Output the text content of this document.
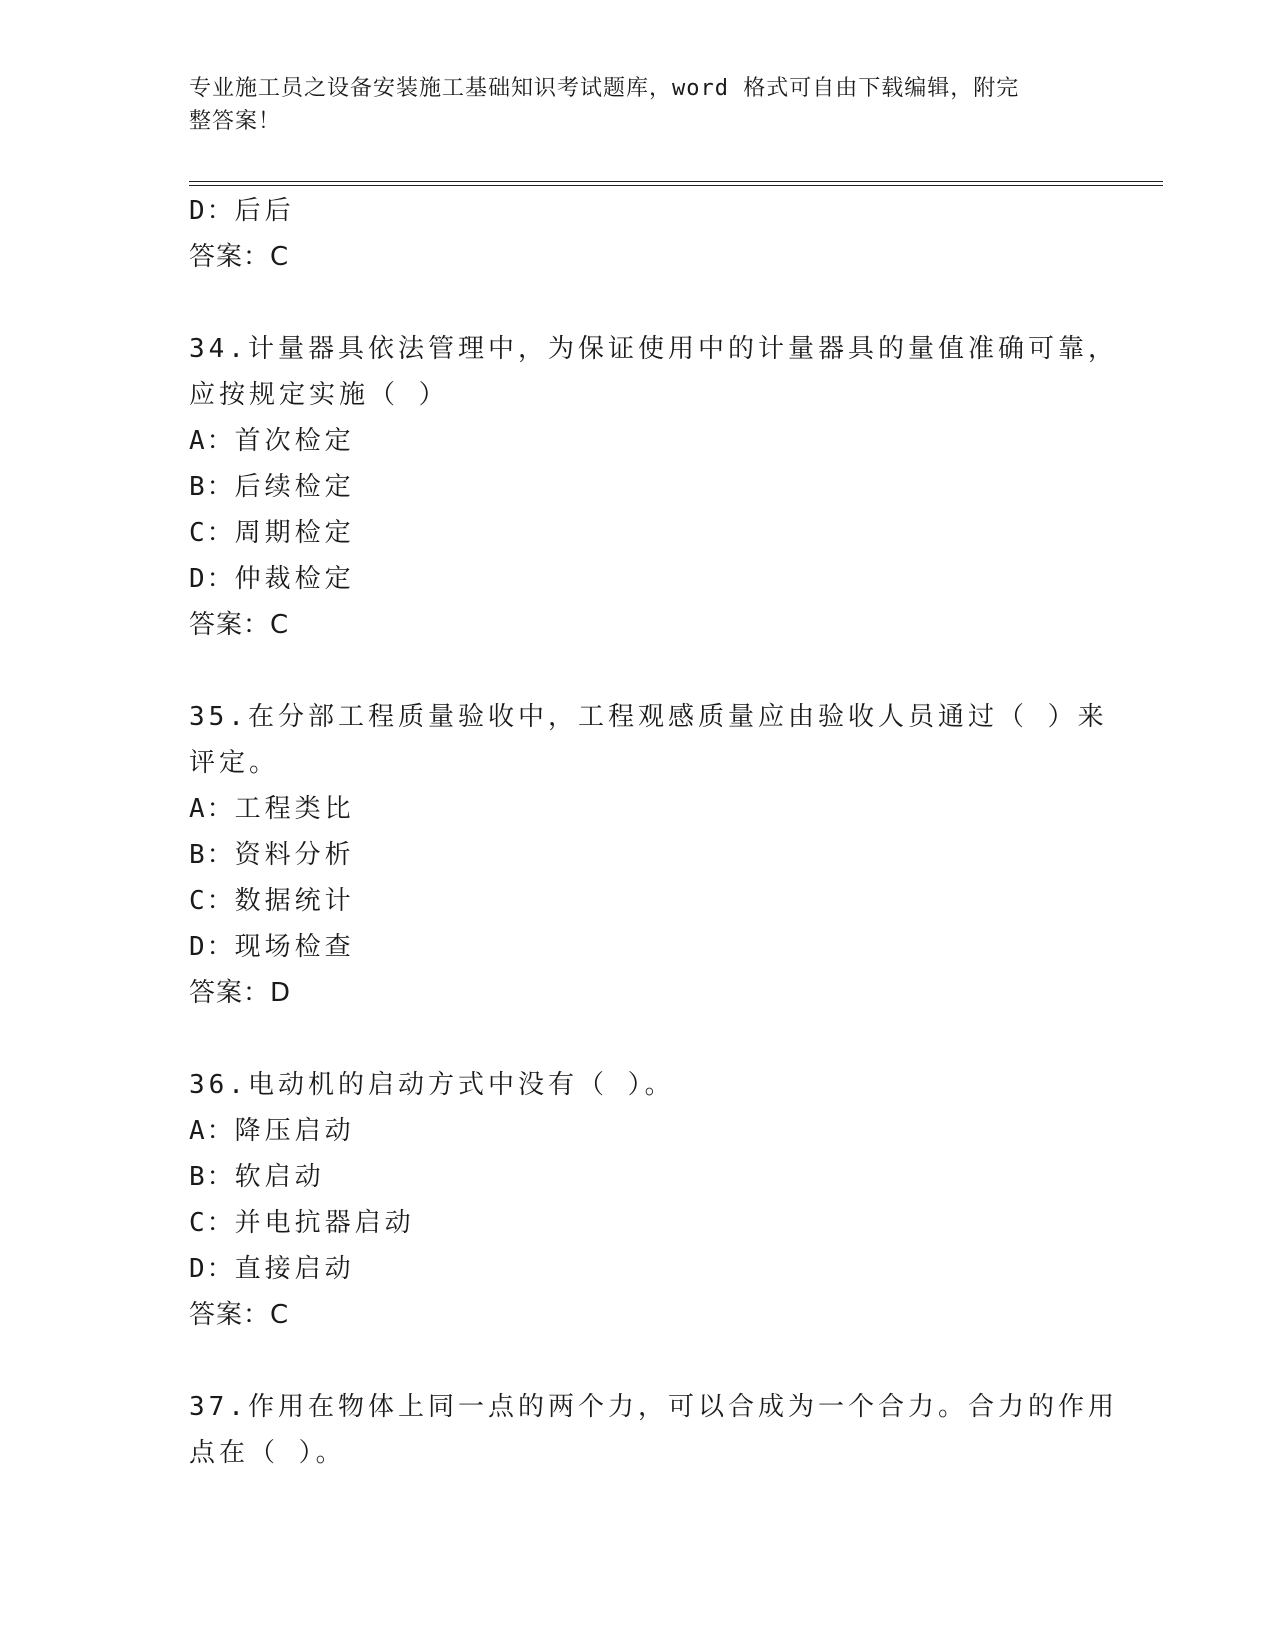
专业施工员之设备安装施工基础知识考试题库，word 格式可自由下载编辑，附完
整答案！
D：后后
答案：C
34.计量器具依法管理中，为保证使用中的计量器具的量值准确可靠，
应按规定实施（ ）
A：首次检定
B：后续检定
C：周期检定
D：仲裁检定
答案：C
35.在分部工程质量验收中，工程观感质量应由验收人员通过（ ）来
评定。
A：工程类比
B：资料分析
C：数据统计
D：现场检查
答案：D
36.电动机的启动方式中没有（ ）。
A：降压启动
B：软启动
C：并电抗器启动
D：直接启动
答案：C
37.作用在物体上同一点的两个力，可以合成为一个合力。合力的作用
点在（ ）。
